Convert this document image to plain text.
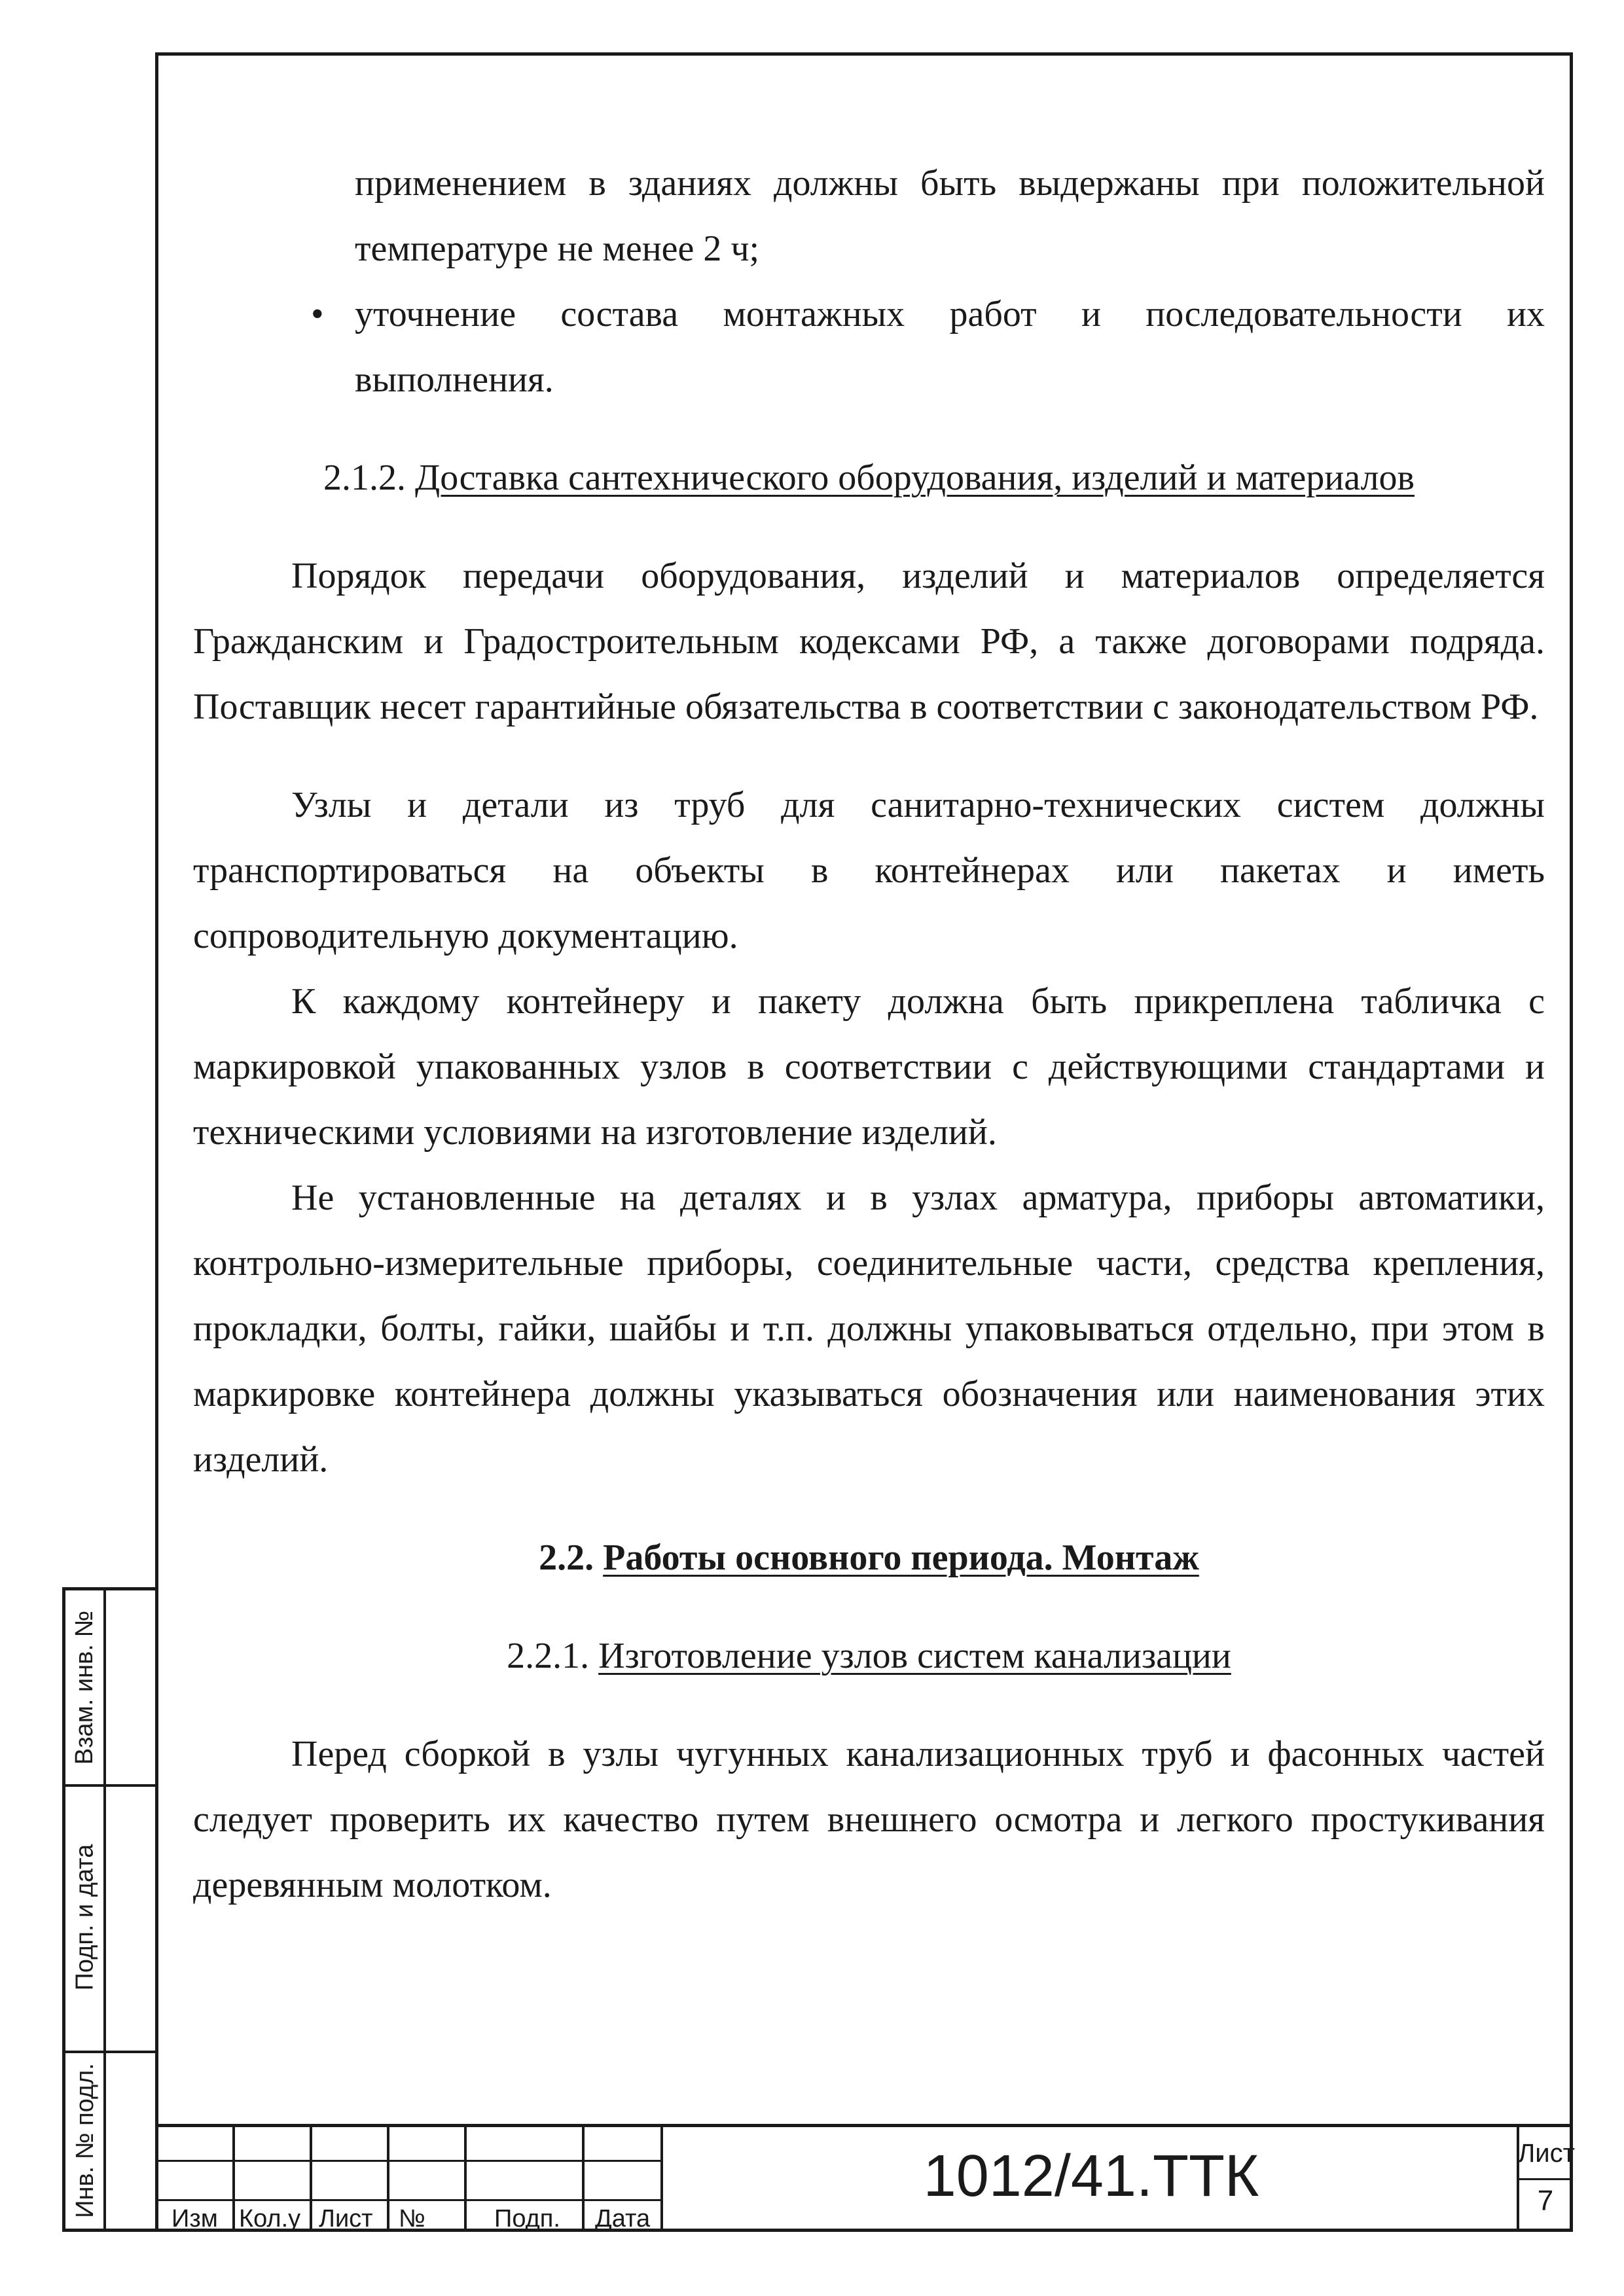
применением в зданиях должны быть выдержаны при положительной

температуре не менее 2 ч;

• уточнение состава монтажных работ и последовательности их

выполнения.

2.1.2. Доставка сантехнического оборудования, изделий и материалов

Порядок передачи оборудования, изделий и материалов определяется Гражданским и Градостроительным кодексами РФ, а также договорами подряда. Поставщик несет гарантийные обязательства в соответствии с законодательством РФ.

Узлы и детали из труб для санитарно-технических систем должны транспортироваться на объекты в контейнерах или пакетах и иметь сопроводительную документацию.

К каждому контейнеру и пакету должна быть прикреплена табличка с маркировкой упакованных узлов в соответствии с действующими стандартами и техническими условиями на изготовление изделий.

Не установленные на деталях и в узлах арматура, приборы автоматики, контрольно-измерительные приборы, соединительные части, средства крепления, прокладки, болты, гайки, шайбы и т.п. должны упаковываться отдельно, при этом в маркировке контейнера должны указываться обозначения или наименования этих изделий.

2.2. Работы основного периода. Монтаж

2.2.1. Изготовление узлов систем канализации

Перед сборкой в узлы чугунных канализационных труб и фасонных частей следует проверить их качество путем внешнего осмотра и легкого простукивания деревянным молотком.

Взам. инв. №
Подп. и дата
Инв. № подл.
Изм Кол.у Лист №	Подп. Дата
1012/41.ТТК	Лист
7
